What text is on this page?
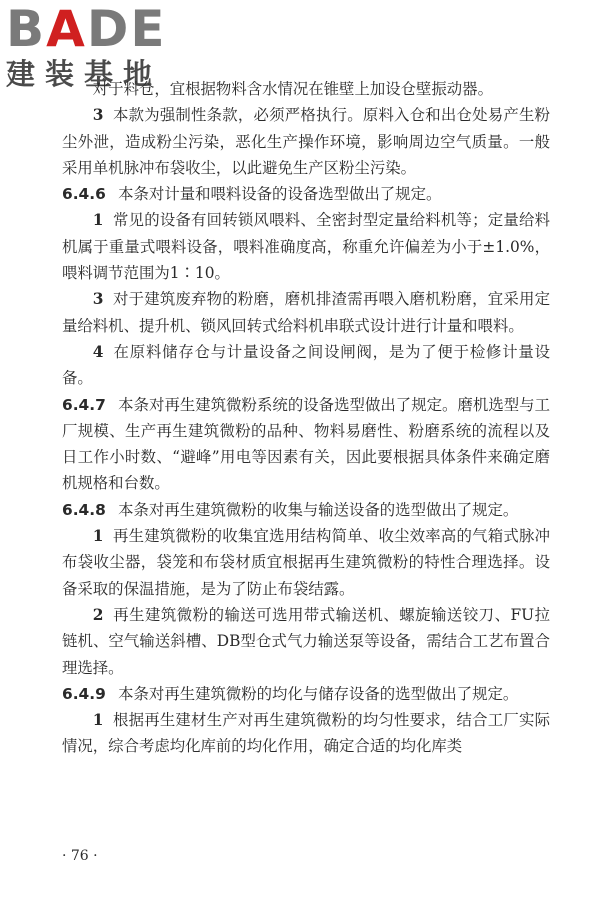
BADE
建装基地

对于料仓，宜根据物料含水情况在锥壁上加设仓壁振动器。

3 本款为强制性条款，必须严格执行。原料入仓和出仓处易产生粉尘外泄，造成粉尘污染，恶化生产操作环境，影响周边空气质量。一般采用单机脉冲布袋收尘，以此避免生产区粉尘污染。

6.4.6 本条对计量和喂料设备的设备选型做出了规定。

1 常见的设备有回转锁风喂料、全密封型定量给料机等；定量给料机属于重量式喂料设备，喂料准确度高，称重允许偏差为小于±1.0%，喂料调节范围为1∶10。

3 对于建筑废弃物的粉磨，磨机排渣需再喂入磨机粉磨，宜采用定量给料机、提升机、锁风回转式给料机串联式设计进行计量和喂料。

4 在原料储存仓与计量设备之间设闸阀，是为了便于检修计量设备。

6.4.7 本条对再生建筑微粉系统的设备选型做出了规定。磨机选型与工厂规模、生产再生建筑微粉的品种、物料易磨性、粉磨系统的流程以及日工作小时数、“避峰”用电等因素有关，因此要根据具体条件来确定磨机规格和台数。

6.4.8 本条对再生建筑微粉的收集与输送设备的选型做出了规定。

1 再生建筑微粉的收集宜选用结构简单、收尘效率高的气箱式脉冲布袋收尘器，袋笼和布袋材质宜根据再生建筑微粉的特性合理选择。设备采取的保温措施，是为了防止布袋结露。

2 再生建筑微粉的输送可选用带式输送机、螺旋输送铰刀、FU拉链机、空气输送斜槽、DB型仓式气力输送泵等设备，需结合工艺布置合理选择。

6.4.9 本条对再生建筑微粉的均化与储存设备的选型做出了规定。

1 根据再生建材生产对再生建筑微粉的均匀性要求，结合工厂实际情况，综合考虑均化库前的均化作用，确定合适的均化库类

· 76 ·
